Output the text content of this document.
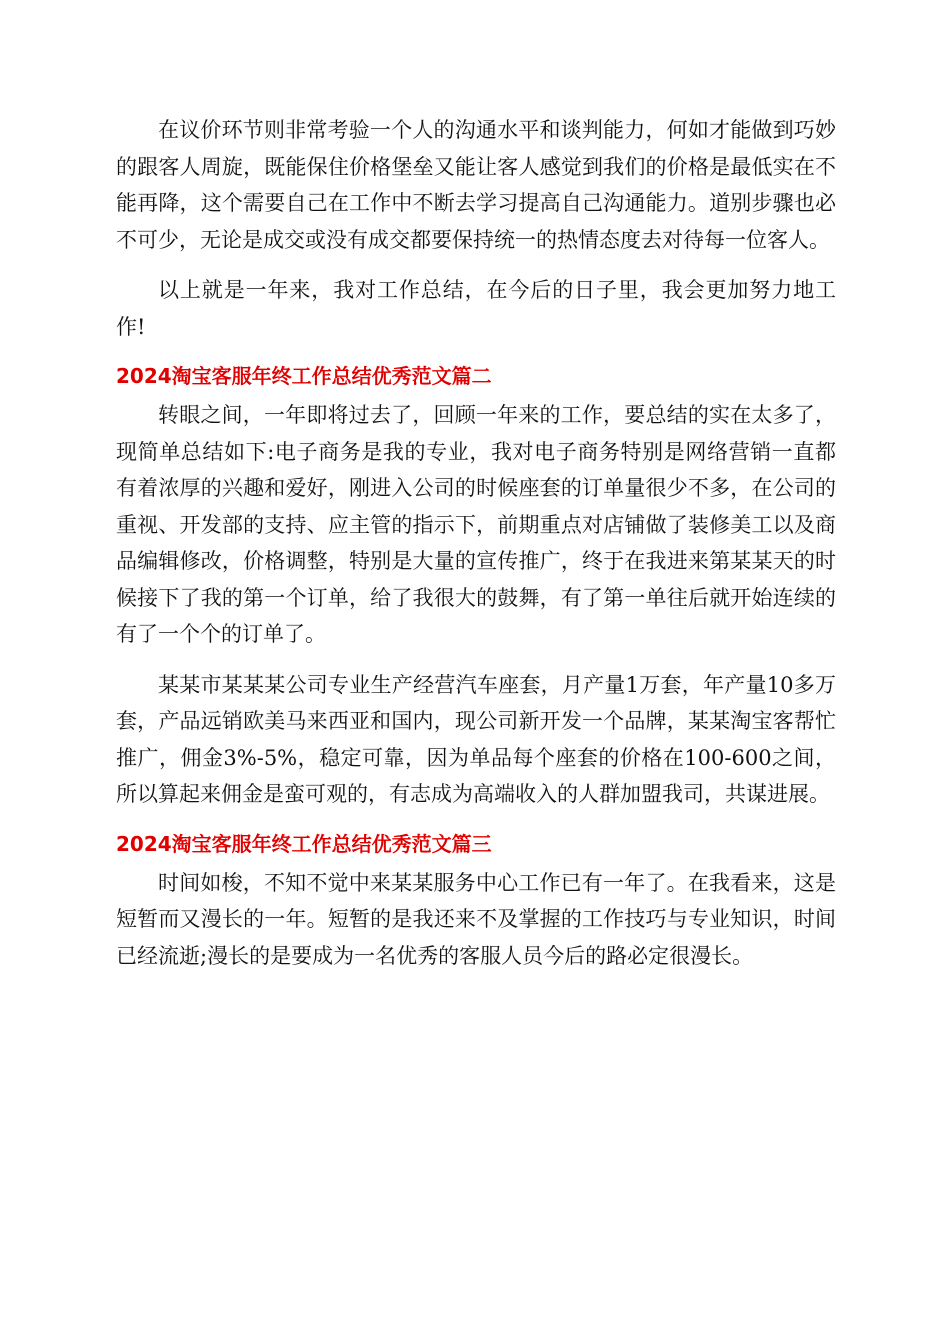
在议价环节则非常考验一个人的沟通水平和谈判能力，何如才能做到巧妙的跟客人周旋，既能保住价格堡垒又能让客人感觉到我们的价格是最低实在不能再降，这个需要自己在工作中不断去学习提高自己沟通能力。道别步骤也必不可少，无论是成交或没有成交都要保持统一的热情态度去对待每一位客人。

以上就是一年来，我对工作总结，在今后的日子里，我会更加努力地工作!

2024淘宝客服年终工作总结优秀范文篇二

转眼之间，一年即将过去了，回顾一年来的工作，要总结的实在太多了，现简单总结如下:电子商务是我的专业，我对电子商务特别是网络营销一直都有着浓厚的兴趣和爱好，刚进入公司的时候座套的订单量很少不多，在公司的重视、开发部的支持、应主管的指示下，前期重点对店铺做了装修美工以及商品编辑修改，价格调整，特别是大量的宣传推广，终于在我进来第某某天的时候接下了我的第一个订单，给了我很大的鼓舞，有了第一单往后就开始连续的有了一个个的订单了。

某某市某某某公司专业生产经营汽车座套，月产量1万套，年产量10多万套，产品远销欧美马来西亚和国内，现公司新开发一个品牌，某某淘宝客帮忙推广，佣金3%-5%，稳定可靠，因为单品每个座套的价格在100-600之间，所以算起来佣金是蛮可观的，有志成为高端收入的人群加盟我司，共谋进展。

2024淘宝客服年终工作总结优秀范文篇三

时间如梭，不知不觉中来某某服务中心工作已有一年了。在我看来，这是短暂而又漫长的一年。短暂的是我还来不及掌握的工作技巧与专业知识，时间已经流逝;漫长的是要成为一名优秀的客服人员今后的路必定很漫长。
